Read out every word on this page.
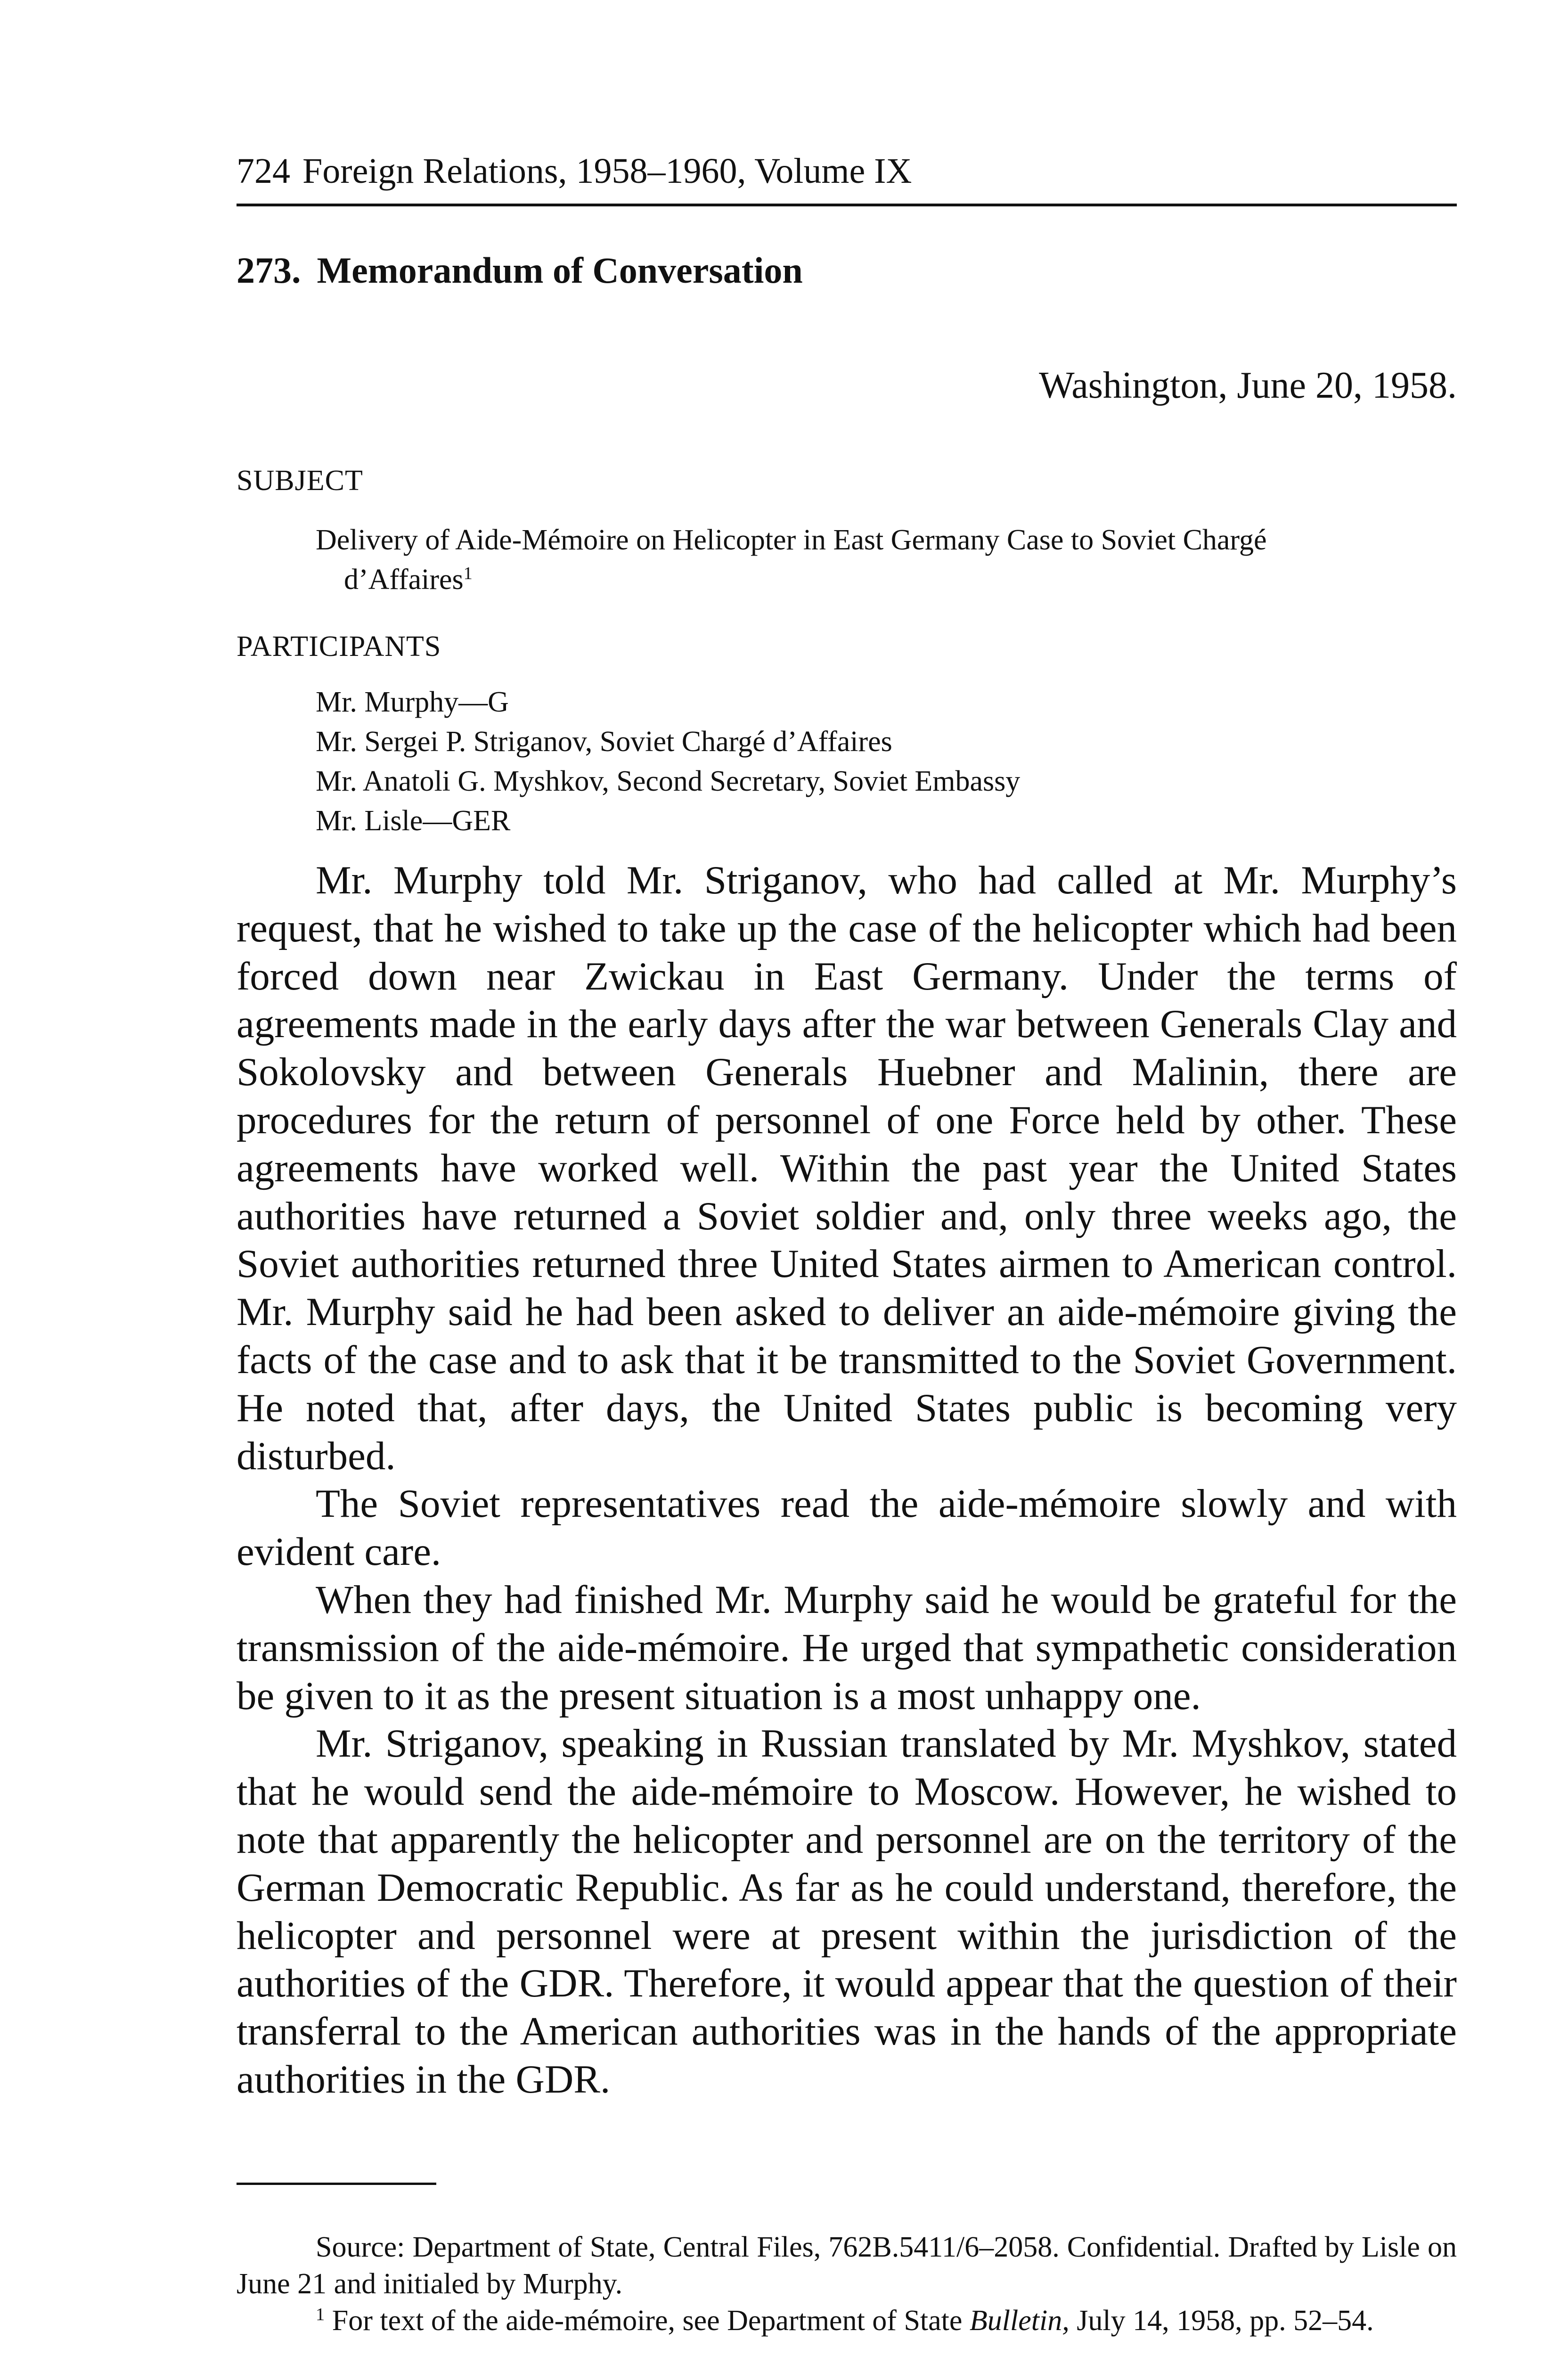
724 Foreign Relations, 1958–1960, Volume IX
273. Memorandum of Conversation
Washington, June 20, 1958.
SUBJECT
Delivery of Aide-Mémoire on Helicopter in East Germany Case to Soviet Chargé
d’Affaires$^1$
PARTICIPANTS
Mr. Murphy—G
Mr. Sergei P. Striganov, Soviet Chargé d’Affaires
Mr. Anatoli G. Myshkov, Second Secretary, Soviet Embassy
Mr. Lisle—GER

Mr. Murphy told Mr. Striganov, who had called at Mr. Murphy’s request, that he wished to take up the case of the helicopter which had been forced down near Zwickau in East Germany. Under the terms of agreements made in the early days after the war between Generals Clay and Sokolovsky and between Generals Huebner and Malinin, there are procedures for the return of personnel of one Force held by other. These agreements have worked well. Within the past year the United States authorities have returned a Soviet soldier and, only three weeks ago, the Soviet authorities returned three United States airmen to American control. Mr. Murphy said he had been asked to deliver an aide-mémoire giving the facts of the case and to ask that it be transmitted to the Soviet Government. He noted that, after days, the United States public is becoming very disturbed.

The Soviet representatives read the aide-mémoire slowly and with evident care.

When they had finished Mr. Murphy said he would be grateful for the transmission of the aide-mémoire. He urged that sympathetic consideration be given to it as the present situation is a most unhappy one.

Mr. Striganov, speaking in Russian translated by Mr. Myshkov, stated that he would send the aide-mémoire to Moscow. However, he wished to note that apparently the helicopter and personnel are on the territory of the German Democratic Republic. As far as he could understand, therefore, the helicopter and personnel were at present within the jurisdiction of the authorities of the GDR. Therefore, it would appear that the question of their transferral to the American authorities was in the hands of the appropriate authorities in the GDR.

Source: Department of State, Central Files, 762B.5411/6–2058. Confidential. Drafted by Lisle on June 21 and initialed by Murphy.

$^1$ For text of the aide-mémoire, see Department of State Bulletin, July 14, 1958, pp. 52–54.
